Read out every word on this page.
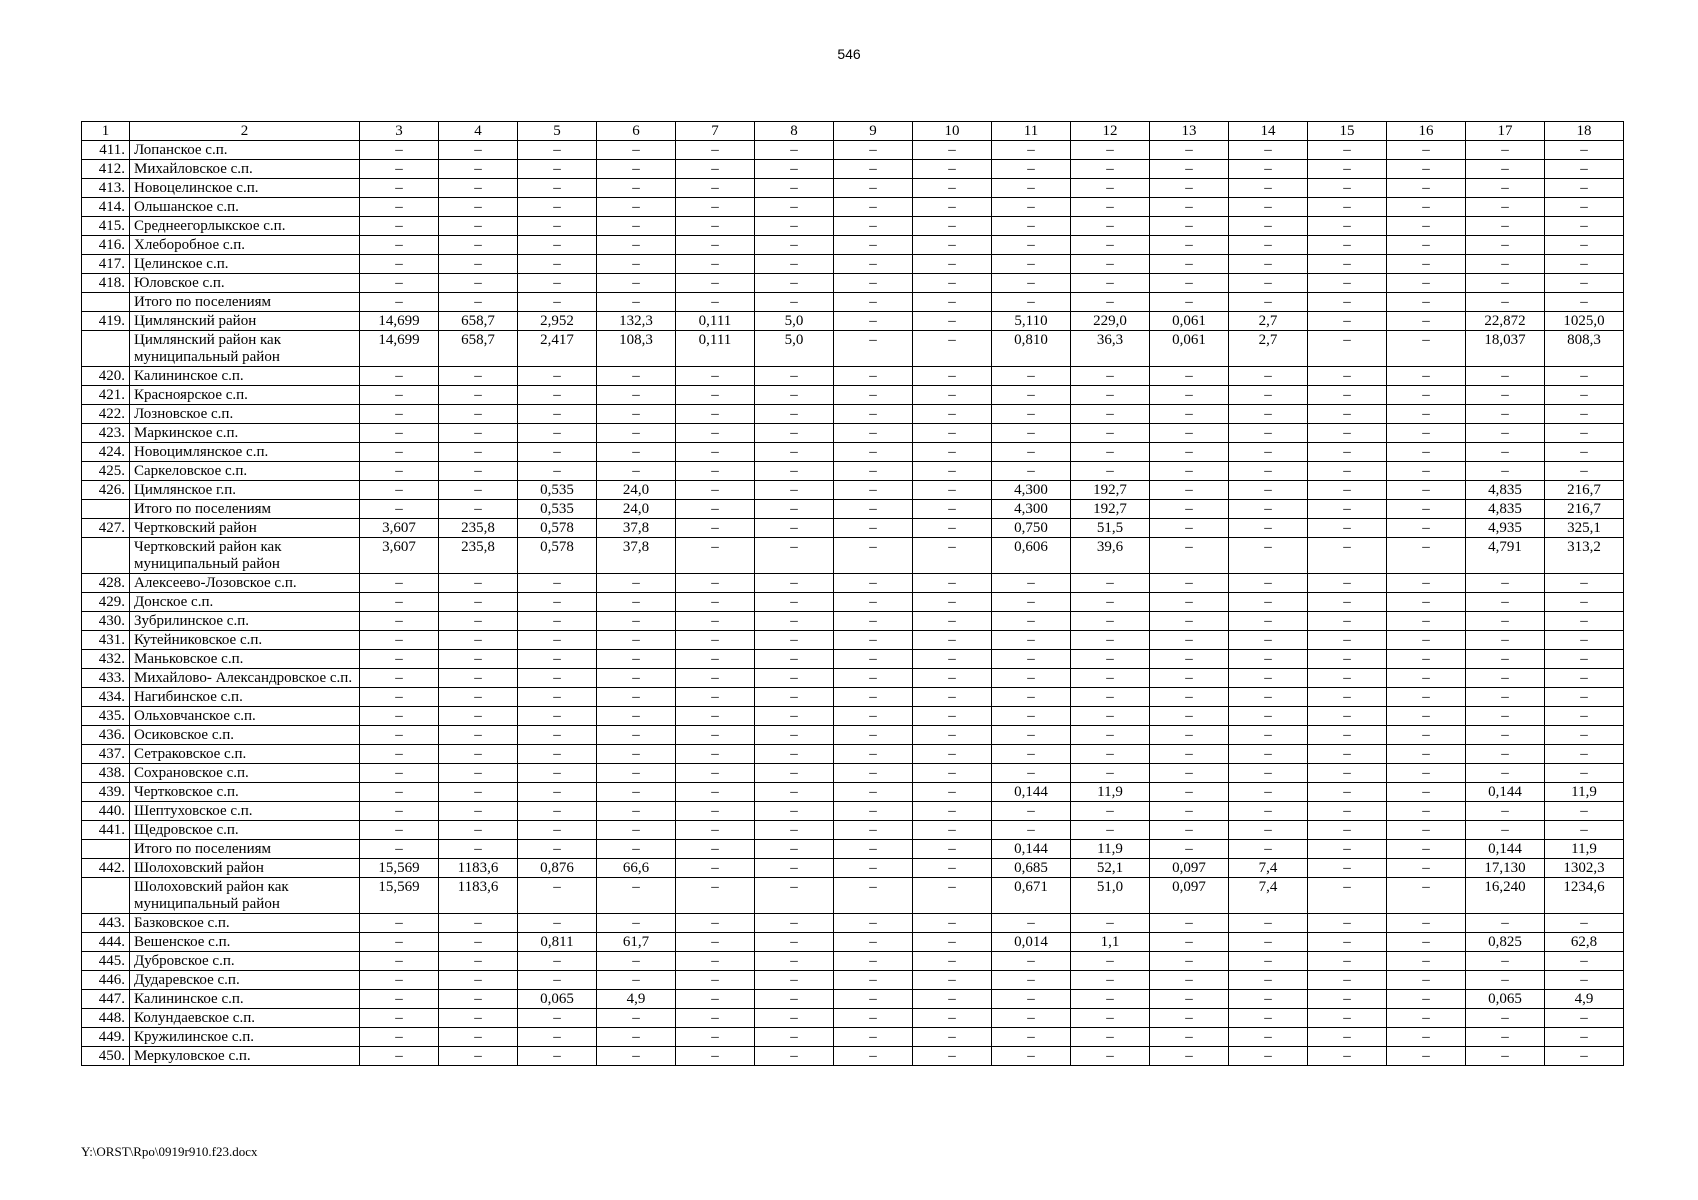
546
1	2	3	4	5	6	7	8	9	10	11	12	13	14	15	16	17	18
411.	Лопанское с.п.	–	–	–	–	–	–	–	–	–	–	–	–	–	–	–	–
412.	Михайловское с.п.	–	–	–	–	–	–	–	–	–	–	–	–	–	–	–	–
413.	Новоцелинское с.п.	–	–	–	–	–	–	–	–	–	–	–	–	–	–	–	–
414.	Ольшанское с.п.	–	–	–	–	–	–	–	–	–	–	–	–	–	–	–	–
415.	Среднеегорлыкское с.п.	–	–	–	–	–	–	–	–	–	–	–	–	–	–	–	–
416.	Хлеборобное с.п.	–	–	–	–	–	–	–	–	–	–	–	–	–	–	–	–
417.	Целинское с.п.	–	–	–	–	–	–	–	–	–	–	–	–	–	–	–	–
418.	Юловское с.п.	–	–	–	–	–	–	–	–	–	–	–	–	–	–	–	–
	Итого по поселениям	–	–	–	–	–	–	–	–	–	–	–	–	–	–	–	–
419.	Цимлянский район	14,699	658,7	2,952	132,3	0,111	5,0	–	–	5,110	229,0	0,061	2,7	–	–	22,872	1025,0
	Цимлянский район как муниципальный район	14,699	658,7	2,417	108,3	0,111	5,0	–	–	0,810	36,3	0,061	2,7	–	–	18,037	808,3
420.	Калининское с.п.	–	–	–	–	–	–	–	–	–	–	–	–	–	–	–	–
421.	Красноярское с.п.	–	–	–	–	–	–	–	–	–	–	–	–	–	–	–	–
422.	Лозновское с.п.	–	–	–	–	–	–	–	–	–	–	–	–	–	–	–	–
423.	Маркинское с.п.	–	–	–	–	–	–	–	–	–	–	–	–	–	–	–	–
424.	Новоцимлянское с.п.	–	–	–	–	–	–	–	–	–	–	–	–	–	–	–	–
425.	Саркеловское с.п.	–	–	–	–	–	–	–	–	–	–	–	–	–	–	–	–
426.	Цимлянское г.п.	–	–	0,535	24,0	–	–	–	–	4,300	192,7	–	–	–	–	4,835	216,7
	Итого по поселениям	–	–	0,535	24,0	–	–	–	–	4,300	192,7	–	–	–	–	4,835	216,7
427.	Чертковский район	3,607	235,8	0,578	37,8	–	–	–	–	0,750	51,5	–	–	–	–	4,935	325,1
	Чертковский район как муниципальный район	3,607	235,8	0,578	37,8	–	–	–	–	0,606	39,6	–	–	–	–	4,791	313,2
428.	Алексеево-Лозовское с.п.	–	–	–	–	–	–	–	–	–	–	–	–	–	–	–	–
429.	Донское с.п.	–	–	–	–	–	–	–	–	–	–	–	–	–	–	–	–
430.	Зубрилинское с.п.	–	–	–	–	–	–	–	–	–	–	–	–	–	–	–	–
431.	Кутейниковское с.п.	–	–	–	–	–	–	–	–	–	–	–	–	–	–	–	–
432.	Маньковское с.п.	–	–	–	–	–	–	–	–	–	–	–	–	–	–	–	–
433.	Михайлово- Александровское с.п.	–	–	–	–	–	–	–	–	–	–	–	–	–	–	–	–
434.	Нагибинское с.п.	–	–	–	–	–	–	–	–	–	–	–	–	–	–	–	–
435.	Ольховчанское с.п.	–	–	–	–	–	–	–	–	–	–	–	–	–	–	–	–
436.	Осиковское с.п.	–	–	–	–	–	–	–	–	–	–	–	–	–	–	–	–
437.	Сетраковское с.п.	–	–	–	–	–	–	–	–	–	–	–	–	–	–	–	–
438.	Сохрановское с.п.	–	–	–	–	–	–	–	–	–	–	–	–	–	–	–	–
439.	Чертковское с.п.	–	–	–	–	–	–	–	–	0,144	11,9	–	–	–	–	0,144	11,9
440.	Шептуховское с.п.	–	–	–	–	–	–	–	–	–	–	–	–	–	–	–	–
441.	Щедровское с.п.	–	–	–	–	–	–	–	–	–	–	–	–	–	–	–	–
	Итого по поселениям	–	–	–	–	–	–	–	–	0,144	11,9	–	–	–	–	0,144	11,9
442.	Шолоховский район	15,569	1183,6	0,876	66,6	–	–	–	–	0,685	52,1	0,097	7,4	–	–	17,130	1302,3
	Шолоховский район как муниципальный район	15,569	1183,6	–	–	–	–	–	–	0,671	51,0	0,097	7,4	–	–	16,240	1234,6
443.	Базковское с.п.	–	–	–	–	–	–	–	–	–	–	–	–	–	–	–	–
444.	Вешенское с.п.	–	–	0,811	61,7	–	–	–	–	0,014	1,1	–	–	–	–	0,825	62,8
445.	Дубровское с.п.	–	–	–	–	–	–	–	–	–	–	–	–	–	–	–	–
446.	Дударевское с.п.	–	–	–	–	–	–	–	–	–	–	–	–	–	–	–	–
447.	Калининское с.п.	–	–	0,065	4,9	–	–	–	–	–	–	–	–	–	–	0,065	4,9
448.	Колундаевское с.п.	–	–	–	–	–	–	–	–	–	–	–	–	–	–	–	–
449.	Кружилинское с.п.	–	–	–	–	–	–	–	–	–	–	–	–	–	–	–	–
450.	Меркуловское с.п.	–	–	–	–	–	–	–	–	–	–	–	–	–	–	–	–
Y:\ORST\Rpo\0919r910.f23.docx
